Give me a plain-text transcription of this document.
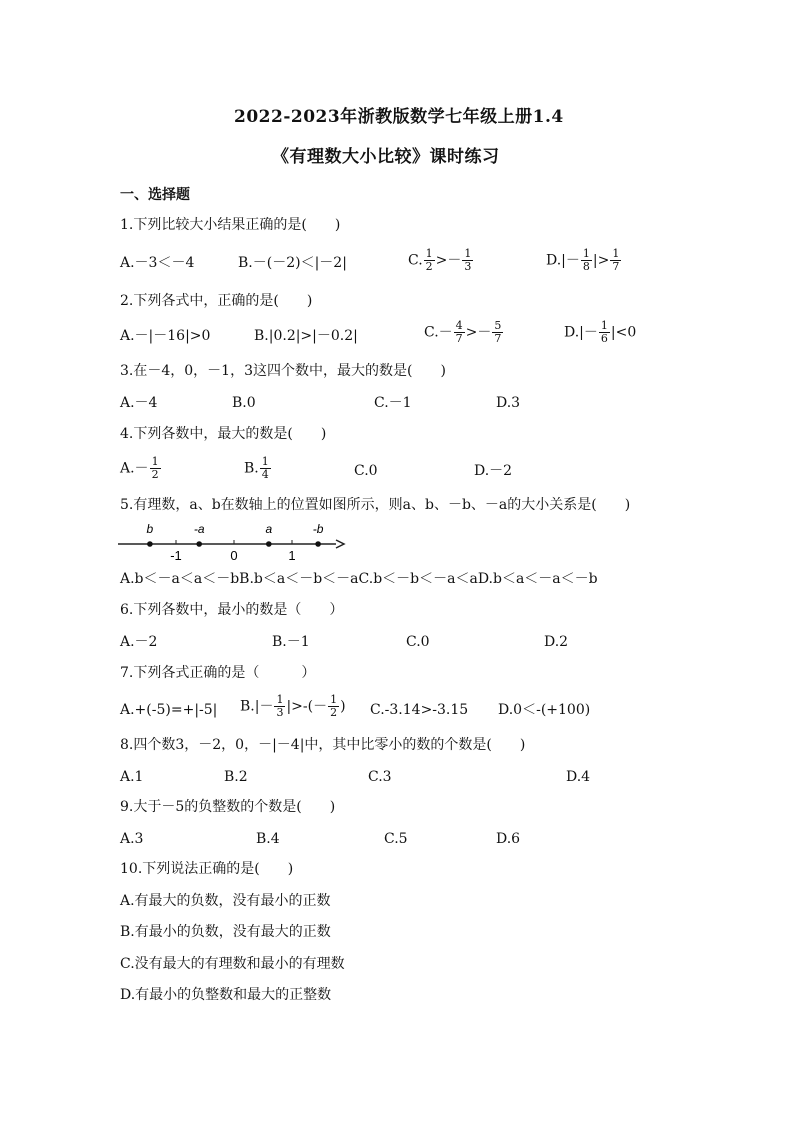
2022-2023年浙教版数学七年级上册1.4
《有理数大小比较》课时练习
一、选择题
1.下列比较大小结果正确的是(　　)
A.－3＜－4	B.－(－2)＜|－2|	C. $\frac{1}{2} >- \frac{1}{3}$	$D.|- \frac{1}{8}$ |> $\frac{1}{7}$
2.下列各式中，正确的是(　　)
A.－|－16|>0	B.|0.2|>|－0.2|	$C.- \frac{4}{7} >- \frac{5}{7}$	$D.|- \frac{1}{6} |<0$
3.在－4，0，－1，3这四个数中，最大的数是(　　)
A.－4	B.0	C.－1	D.3
4.下列各数中，最大的数是(　　)
$A.- \frac{1}{2}$	B. $\frac{1}{4}$	C.0	D.－2
5.有理数，a、b在数轴上的位置如图所示，则a、b、－b、－a的大小关系是(　　)
-1	0	1
b	-a	a	-b
A.b＜－a＜a＜－bB.b＜a＜－b＜－aC.b＜－b＜－a＜aD.b＜a＜－a＜－b
6.下列各数中，最小的数是（　　）
A.－2	B.－1	C.0	D.2
7.下列各式正确的是（　　　）
A.+(-5)=+|-5| $B.|- \frac{1}{3}$ |>-(－ $\frac{1}{2}$ ) C.-3.14>-3.15 D.0＜-(+100)
8.四个数3，－2，0，－|－4|中，其中比零小的数的个数是(　　)
A.1	B.2	C.3	D.4
9.大于－5的负整数的个数是(　　)
A.3	B.4	C.5	D.6
10.下列说法正确的是(　　)
A.有最大的负数，没有最小的正数
B.有最小的负数，没有最大的正数
C.没有最大的有理数和最小的有理数
D.有最小的负整数和最大的正整数
